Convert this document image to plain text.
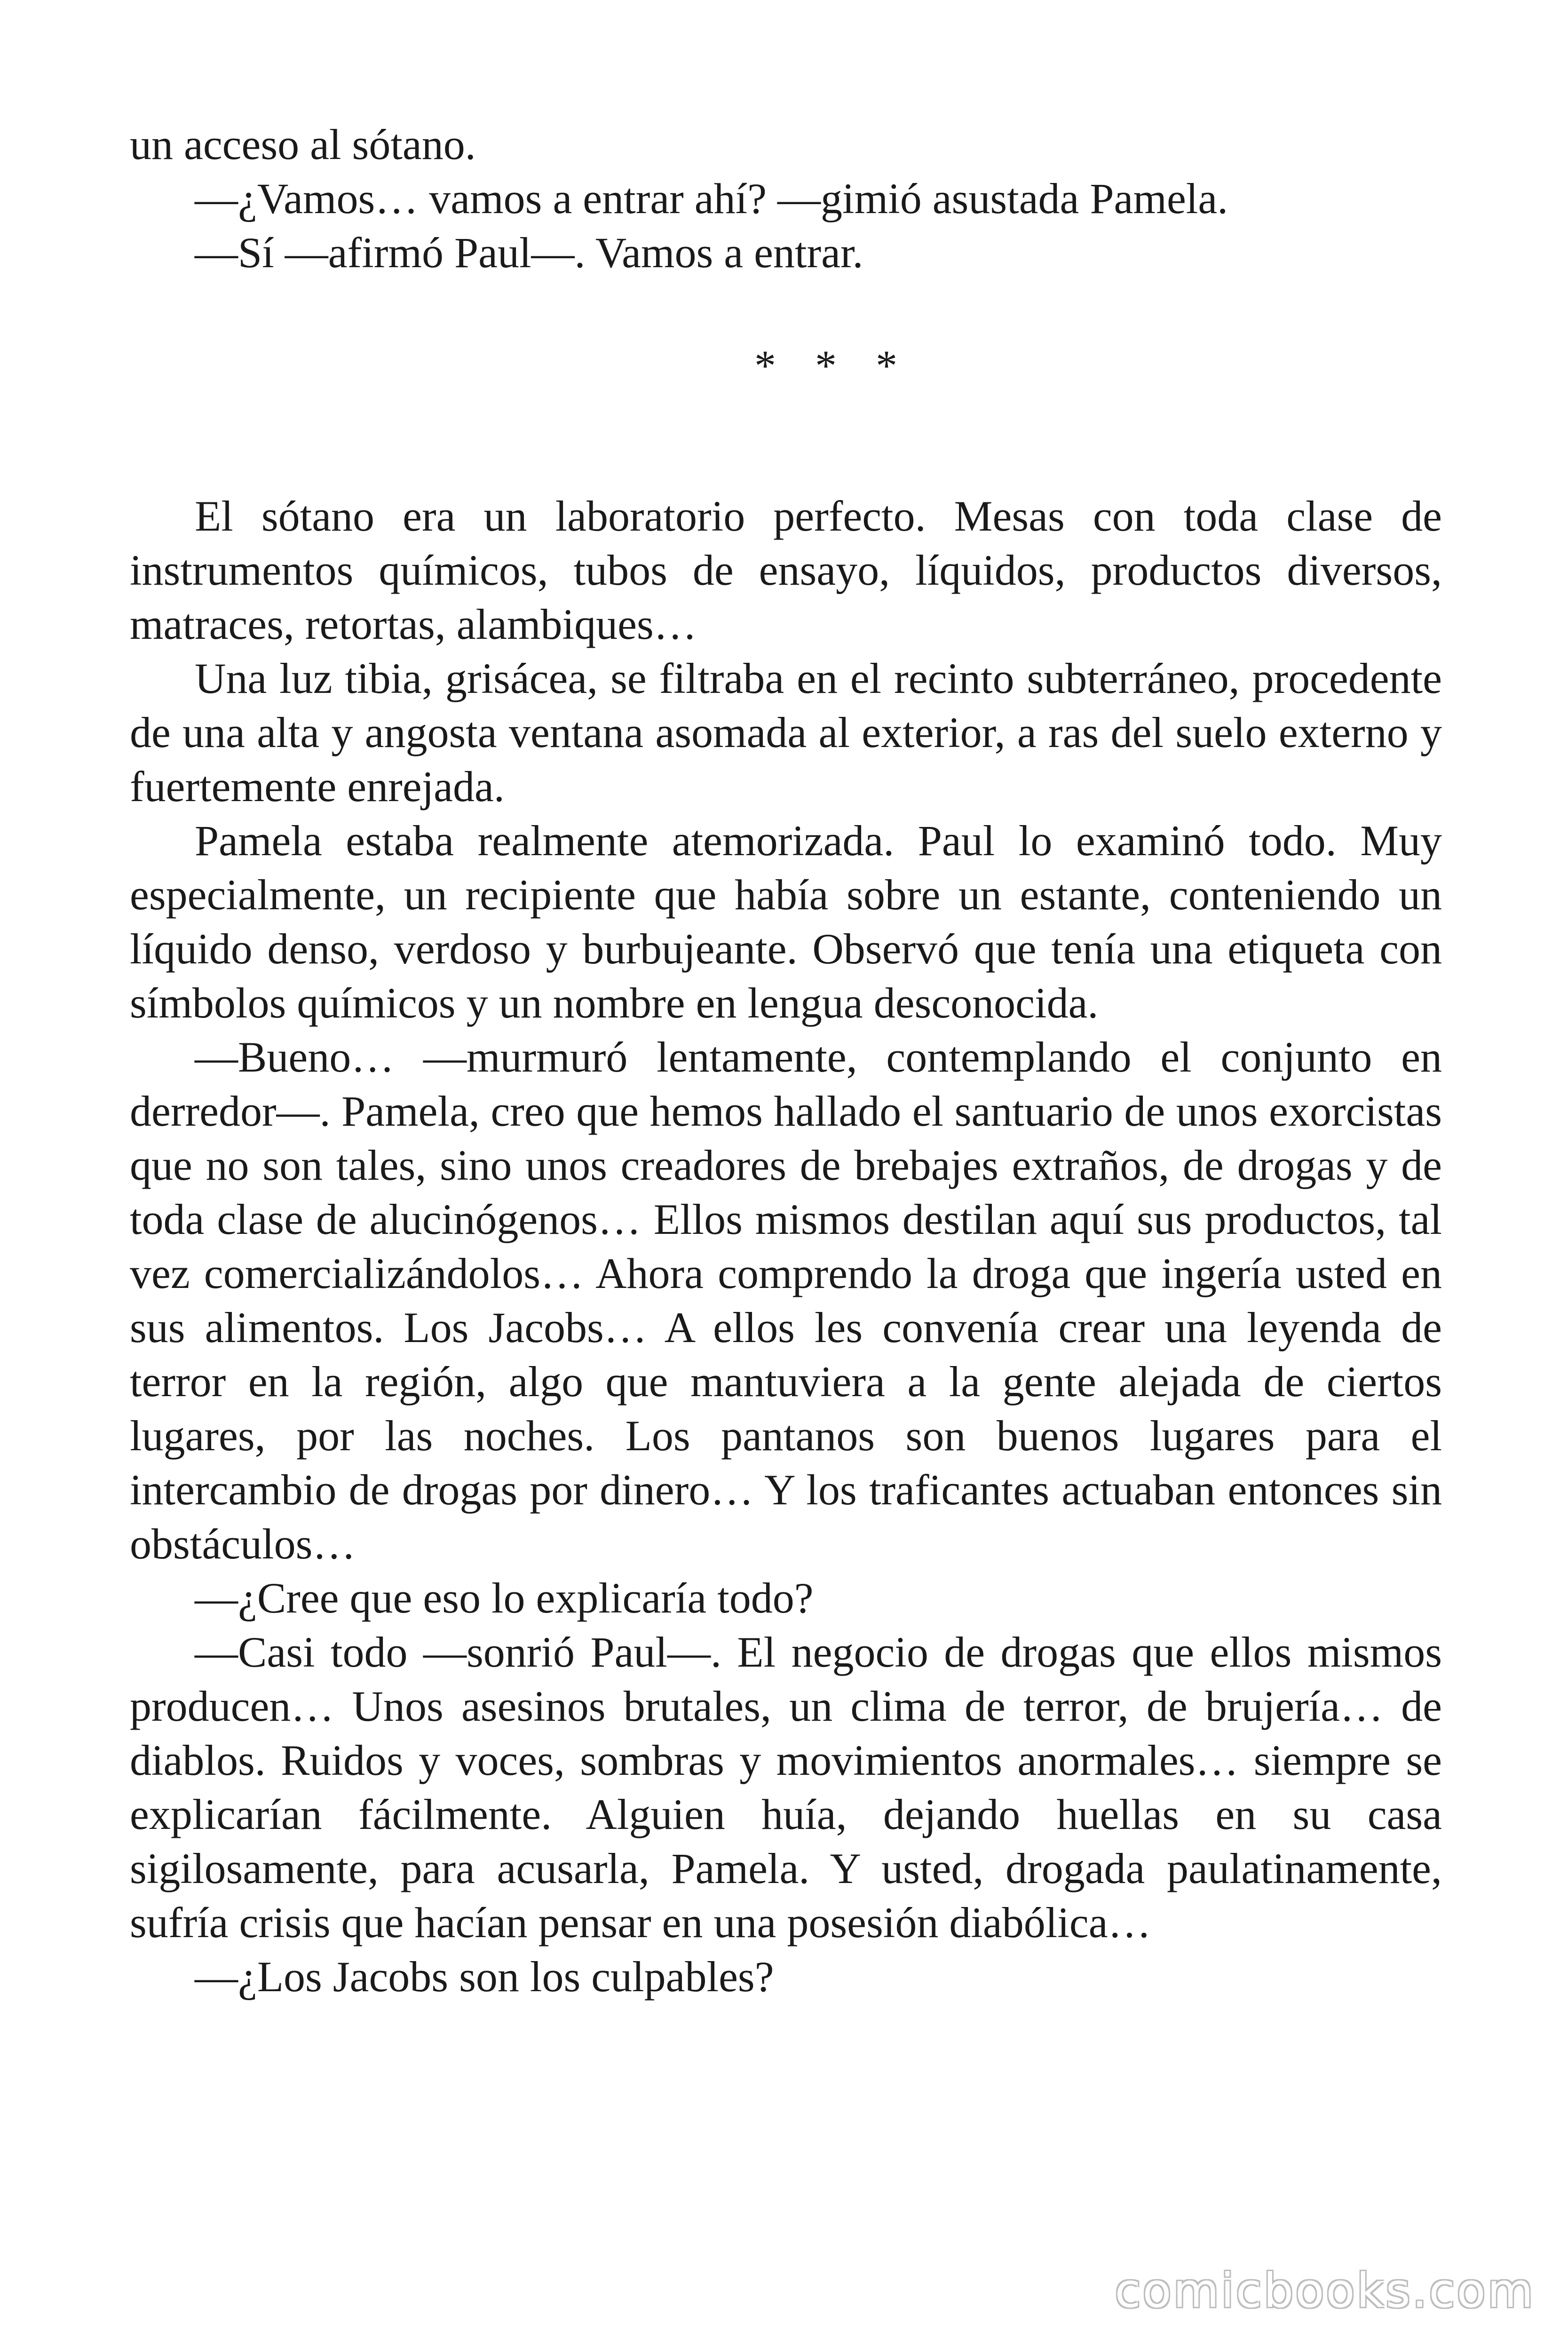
un acceso al sótano.

—¿Vamos… vamos a entrar ahí? —gimió asustada Pamela.

—Sí —afirmó Paul—. Vamos a entrar.

* * *

El sótano era un laboratorio perfecto. Mesas con toda clase de instrumentos químicos, tubos de ensayo, líquidos, productos diversos, matraces, retortas, alambiques…

Una luz tibia, grisácea, se filtraba en el recinto subterráneo, procedente de una alta y angosta ventana asomada al exterior, a ras del suelo externo y fuertemente enrejada.

Pamela estaba realmente atemorizada. Paul lo examinó todo. Muy especialmente, un recipiente que había sobre un estante, conteniendo un líquido denso, verdoso y burbujeante. Observó que tenía una etiqueta con símbolos químicos y un nombre en lengua desconocida.

—Bueno… —murmuró lentamente, contemplando el conjunto en derredor—. Pamela, creo que hemos hallado el santuario de unos exorcistas que no son tales, sino unos creadores de brebajes extraños, de drogas y de toda clase de alucinógenos… Ellos mismos destilan aquí sus productos, tal vez comercializándolos… Ahora comprendo la droga que ingería usted en sus alimentos. Los Jacobs… A ellos les convenía crear una leyenda de terror en la región, algo que mantuviera a la gente alejada de ciertos lugares, por las noches. Los pantanos son buenos lugares para el intercambio de drogas por dinero… Y los traficantes actuaban entonces sin obstáculos…

—¿Cree que eso lo explicaría todo?

—Casi todo —sonrió Paul—. El negocio de drogas que ellos mismos producen… Unos asesinos brutales, un clima de terror, de brujería… de diablos. Ruidos y voces, sombras y movimientos anormales… siempre se explicarían fácilmente. Alguien huía, dejando huellas en su casa sigilosamente, para acusarla, Pamela. Y usted, drogada paulatinamente, sufría crisis que hacían pensar en una posesión diabólica…

—¿Los Jacobs son los culpables?

comicbooks.com
